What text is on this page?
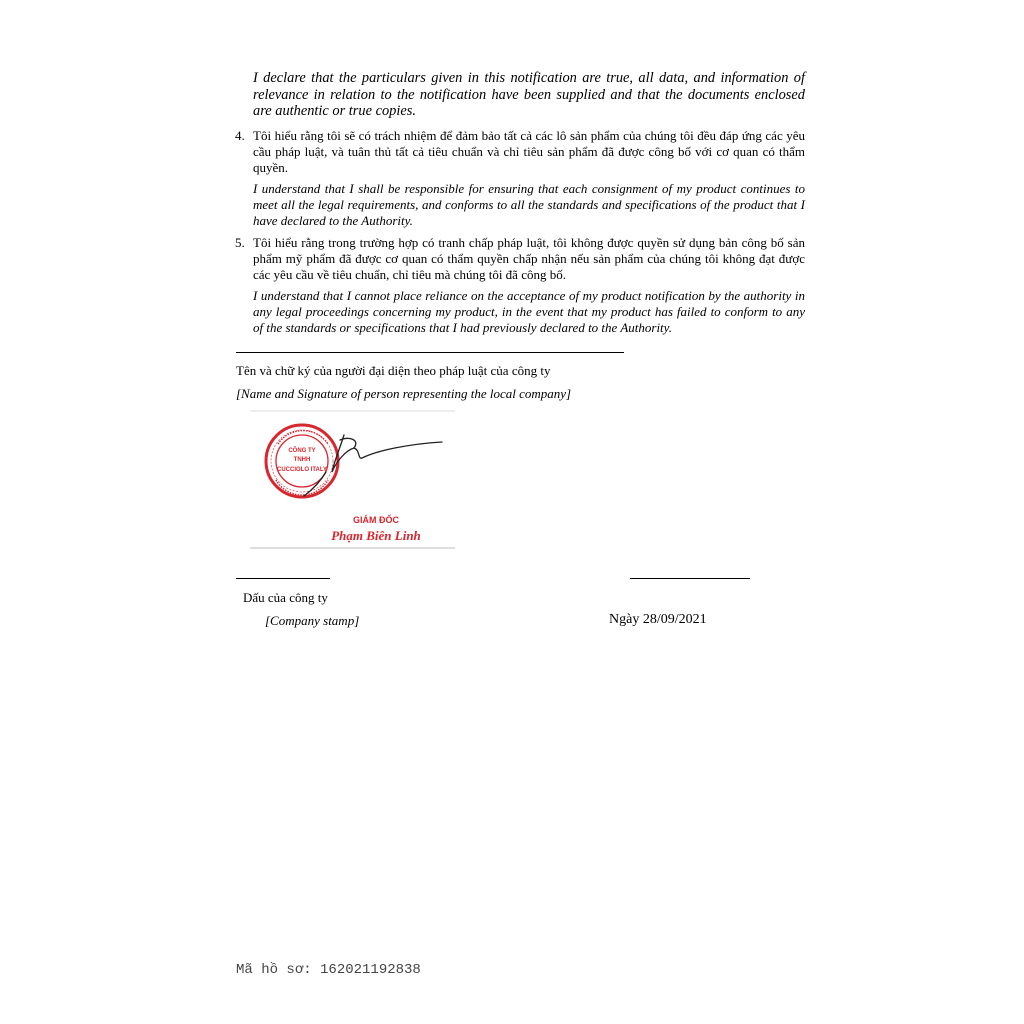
I declare that the particulars given in this notification are true, all data, and information of relevance in relation to the notification have been supplied and that the documents enclosed are authentic or true copies.
4. Tôi hiểu rằng tôi sẽ có trách nhiệm để đảm bảo tất cả các lô sản phẩm của chúng tôi đều đáp ứng các yêu cầu pháp luật, và tuân thủ tất cả tiêu chuẩn và chỉ tiêu sản phẩm đã được công bố với cơ quan có thẩm quyền.
I understand that I shall be responsible for ensuring that each consignment of my product continues to meet all the legal requirements, and conforms to all the standards and specifications of the product that I have declared to the Authority.
5. Tôi hiểu rằng trong trường hợp có tranh chấp pháp luật, tôi không được quyền sử dụng bản công bố sản phẩm mỹ phẩm đã được cơ quan có thẩm quyền chấp nhận nếu sản phẩm của chúng tôi không đạt được các yêu cầu về tiêu chuẩn, chỉ tiêu mà chúng tôi đã công bố.
I understand that I cannot place reliance on the acceptance of my product notification by the authority in any legal proceedings concerning my product, in the event that my product has failed to conform to any of the standards or specifications that I had previously declared to the Authority.
Tên và chữ ký của người đại diện theo pháp luật của công ty
[Name and Signature of person representing the local company]
CÔNG TY
TNHH
CUCCIOLO ITALY
GIÁM ĐỐC
Phạm Biên Linh
Dấu của công ty
[Company stamp]	Ngày 28/09/2021
Mã hồ sơ: 162021192838
